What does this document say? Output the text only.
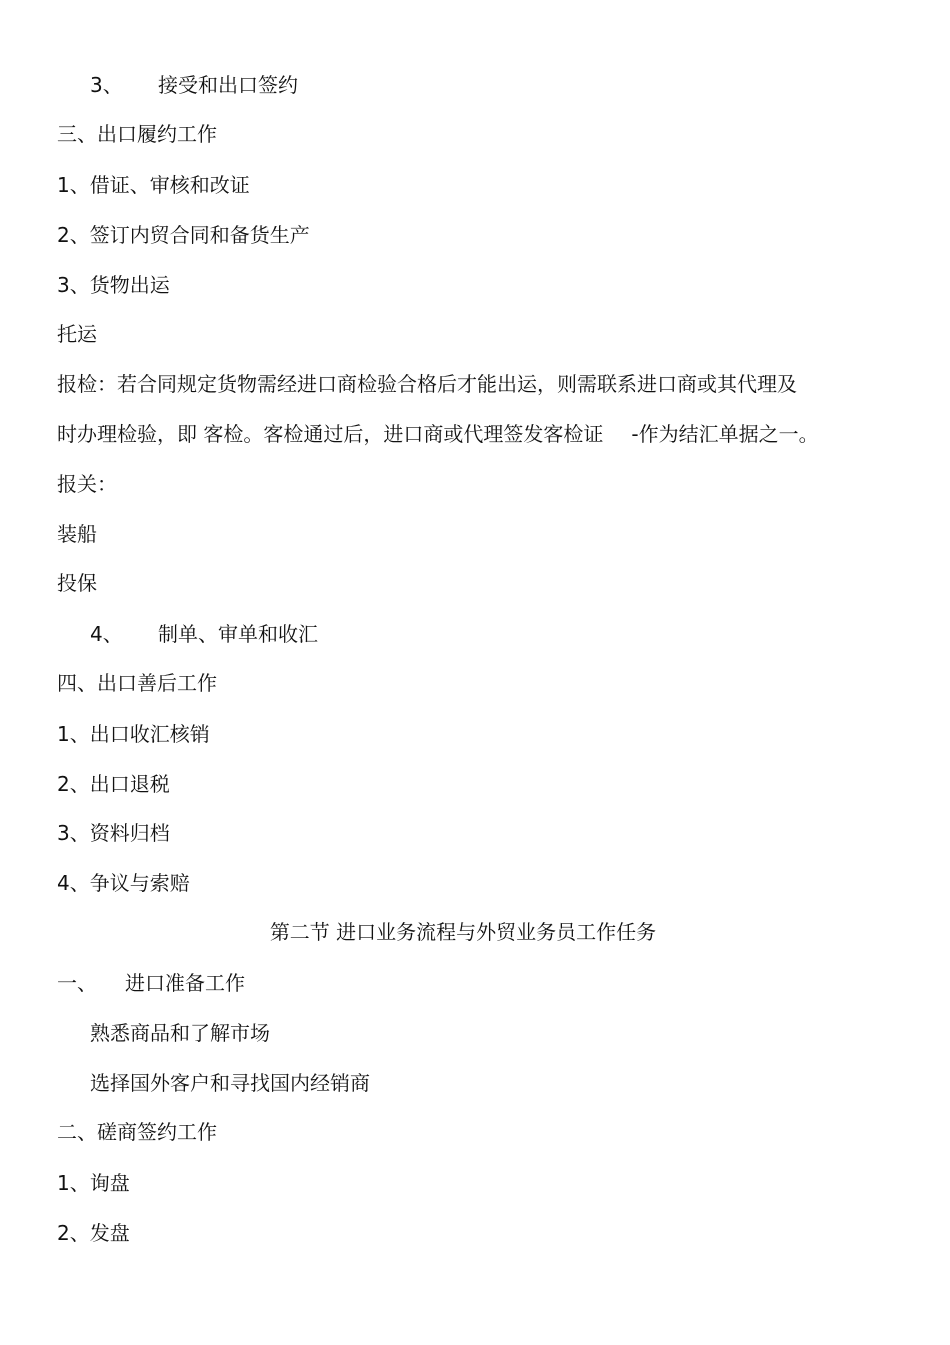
3、 接受和出口签约
三、出口履约工作
1、借证、审核和改证
2、签订内贸合同和备货生产
3、货物出运
托运
报检：若合同规定货物需经进口商检验合格后才能出运，则需联系进口商或其代理及
时办理检验，即 客检。客检通过后，进口商或代理签发客检证 -作为结汇单据之一。
报关：
装船
投保
4、 制单、审单和收汇
四、出口善后工作
1、出口收汇核销
2、出口退税
3、资料归档
4、争议与索赔
第二节 进口业务流程与外贸业务员工作任务
一、 进口准备工作
熟悉商品和了解市场
选择国外客户和寻找国内经销商
二、磋商签约工作
1、询盘
2、发盘
